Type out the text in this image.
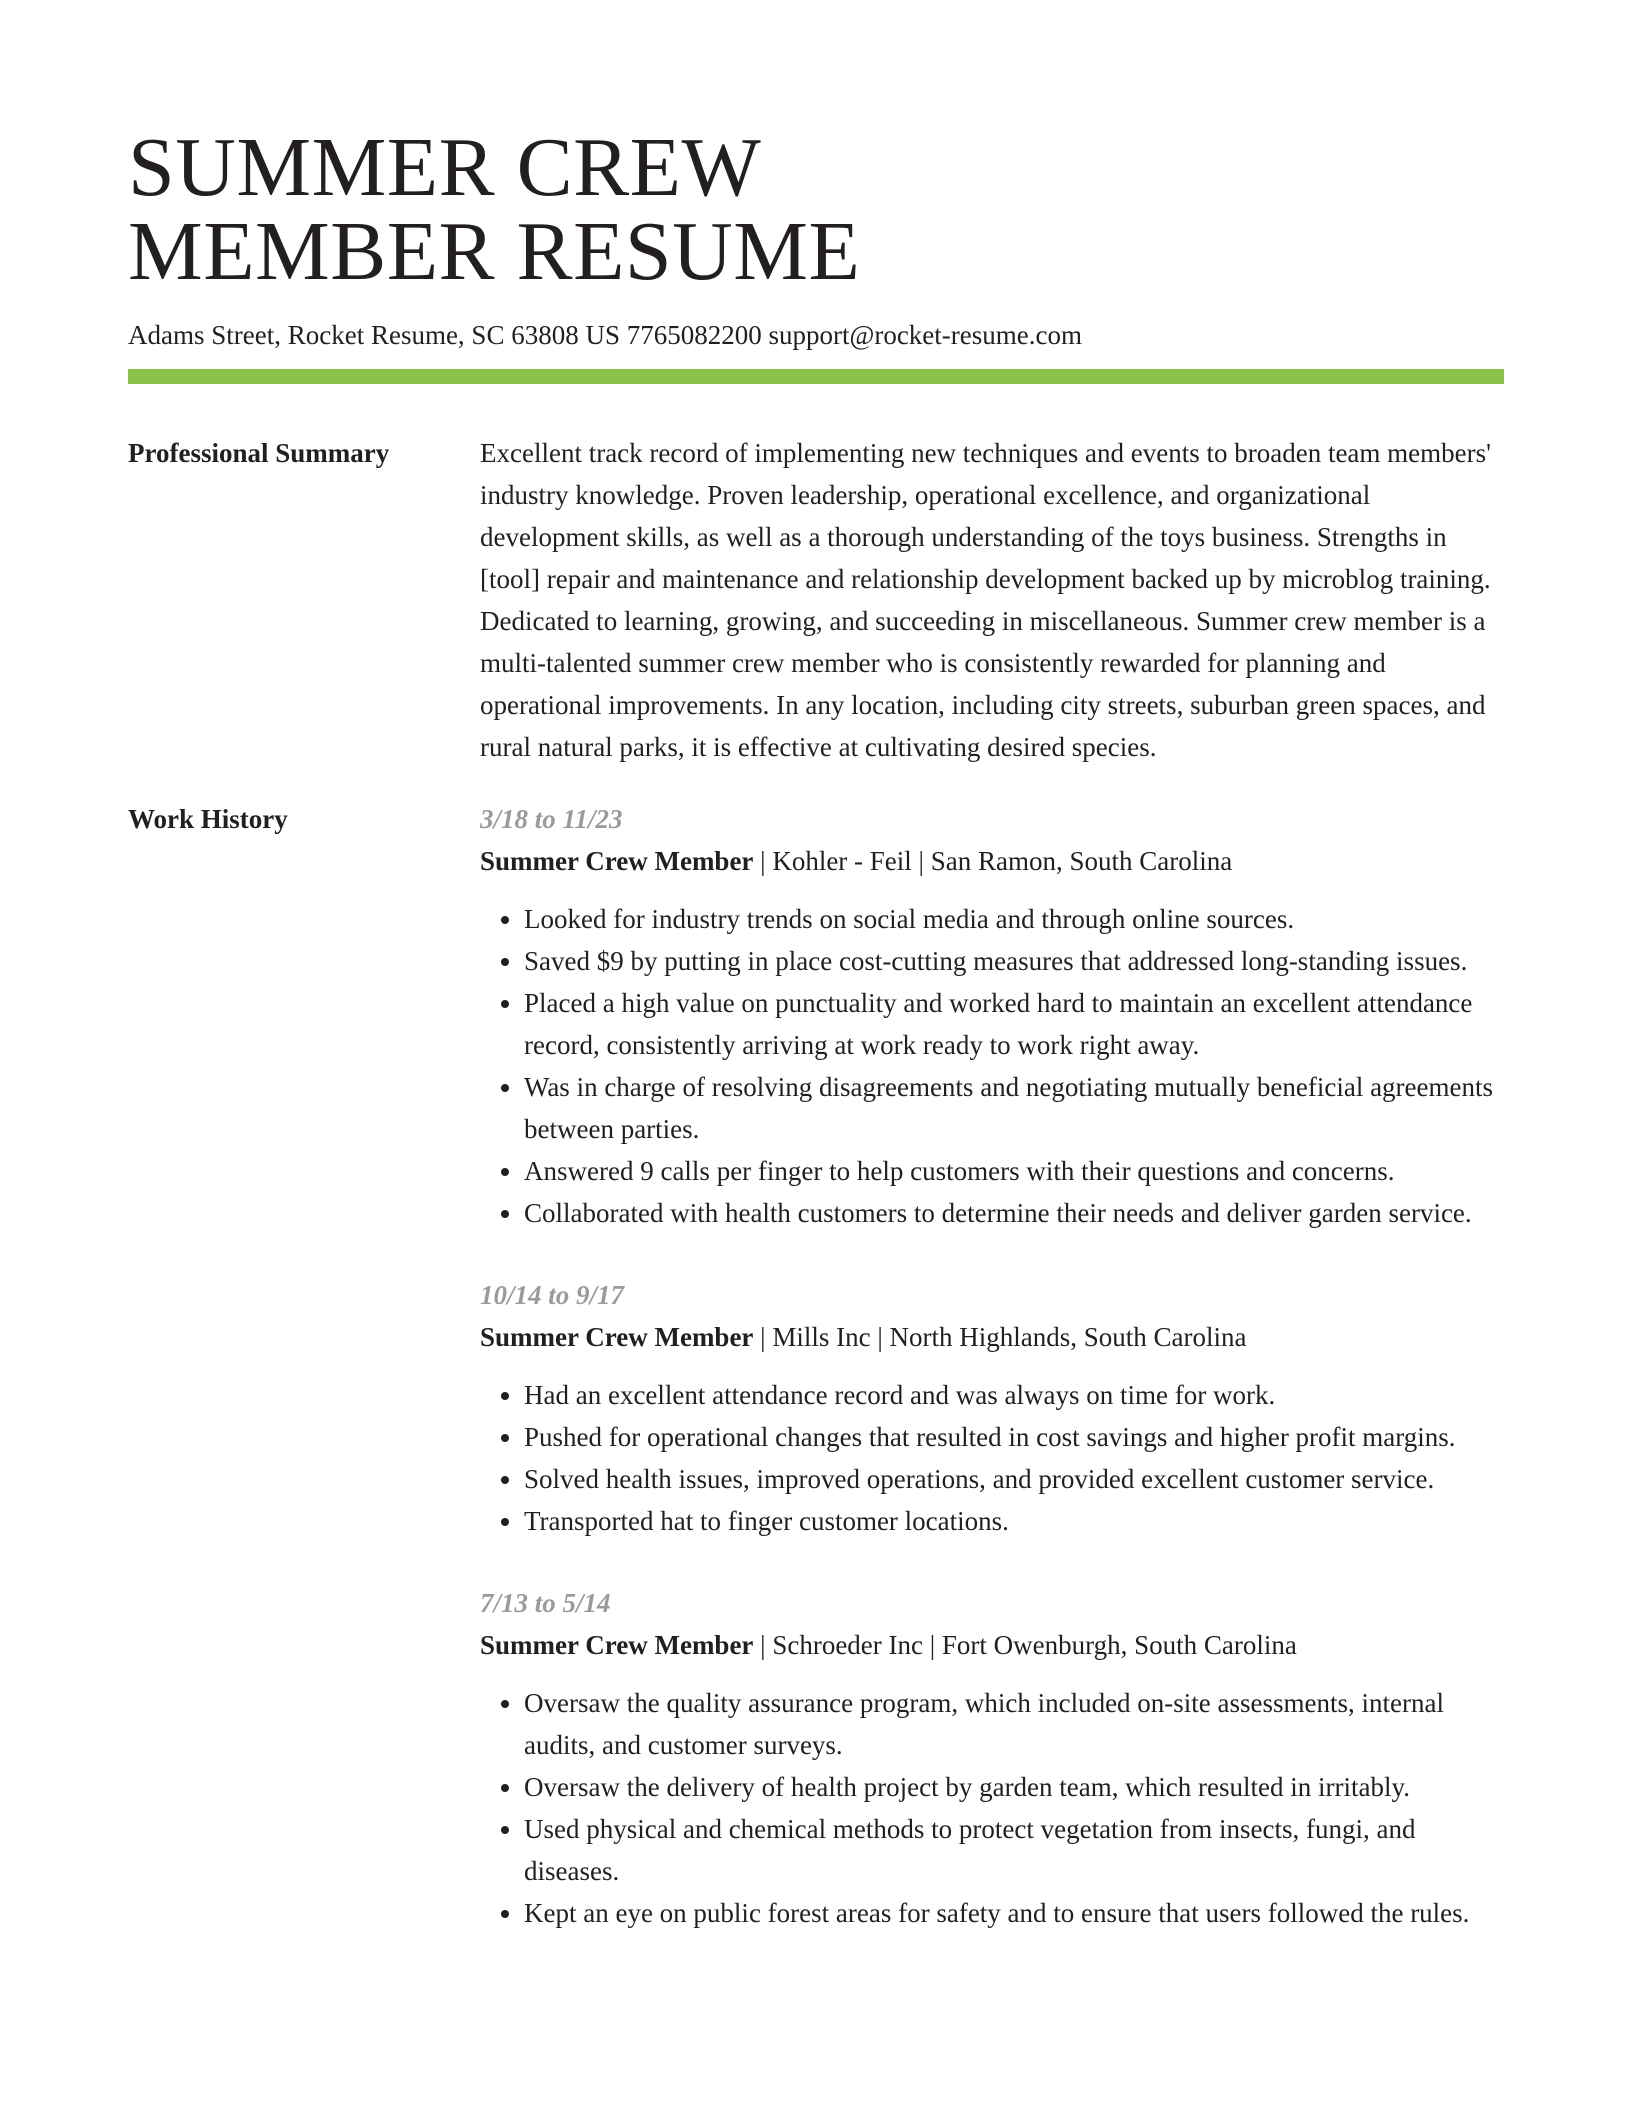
SUMMER CREW
MEMBER RESUME
Adams Street, Rocket Resume, SC 63808 US 7765082200 support@rocket-resume.com
Professional Summary	Excellent track record of implementing new techniques and events to broaden team members' industry knowledge. Proven leadership, operational excellence, and organizational development skills, as well as a thorough understanding of the toys business. Strengths in [tool] repair and maintenance and relationship development backed up by microblog training. Dedicated to learning, growing, and succeeding in miscellaneous. Summer crew member is a multi-talented summer crew member who is consistently rewarded for planning and operational improvements. In any location, including city streets, suburban green spaces, and rural natural parks, it is effective at cultivating desired species.

Work History	3/18 to 11/23
Summer Crew Member | Kohler - Feil | San Ramon, South Carolina
• Looked for industry trends on social media and through online sources.
• Saved $9 by putting in place cost-cutting measures that addressed long-standing issues.
• Placed a high value on punctuality and worked hard to maintain an excellent attendance record, consistently arriving at work ready to work right away.
• Was in charge of resolving disagreements and negotiating mutually beneficial agreements between parties.
• Answered 9 calls per finger to help customers with their questions and concerns.
• Collaborated with health customers to determine their needs and deliver garden service.
10/14 to 9/17
Summer Crew Member | Mills Inc | North Highlands, South Carolina
• Had an excellent attendance record and was always on time for work.
• Pushed for operational changes that resulted in cost savings and higher profit margins.
• Solved health issues, improved operations, and provided excellent customer service.
• Transported hat to finger customer locations.
7/13 to 5/14
Summer Crew Member | Schroeder Inc | Fort Owenburgh, South Carolina
• Oversaw the quality assurance program, which included on-site assessments, internal audits, and customer surveys.
• Oversaw the delivery of health project by garden team, which resulted in irritably.
• Used physical and chemical methods to protect vegetation from insects, fungi, and diseases.
• Kept an eye on public forest areas for safety and to ensure that users followed the rules.
